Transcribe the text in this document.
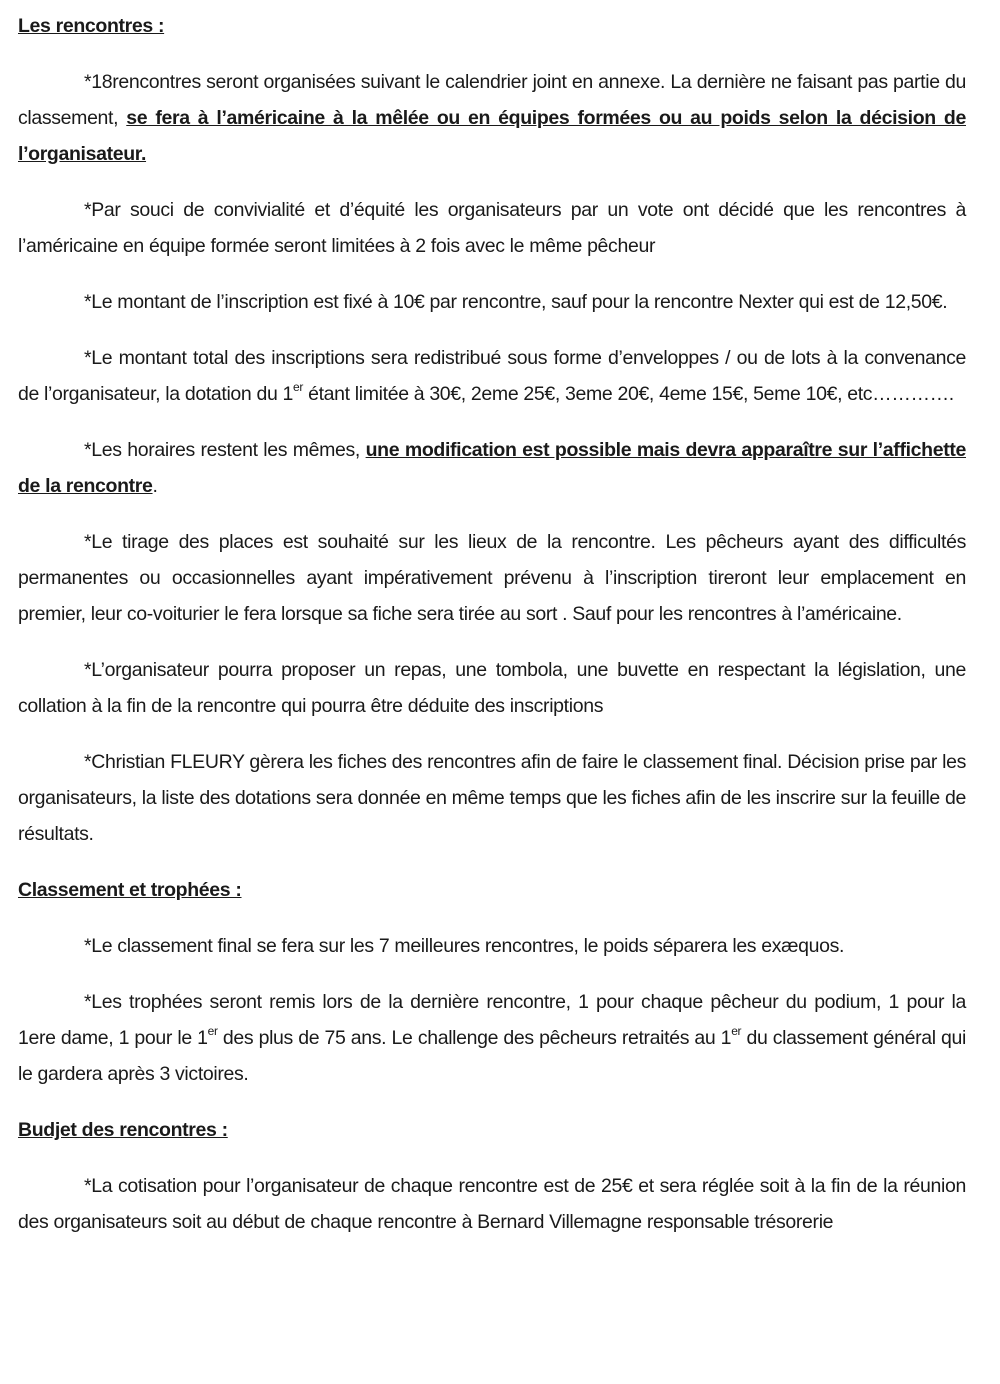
Les rencontres :

*18rencontres seront organisées suivant le calendrier joint en annexe. La dernière ne faisant pas partie du classement, se fera à l’américaine à la mêlée ou en équipes formées ou au poids selon la décision de l’organisateur.

*Par souci de convivialité et d’équité les organisateurs par un vote ont décidé que les rencontres à l’américaine en équipe formée seront limitées à 2 fois avec le même pêcheur

*Le montant de l’inscription est fixé à 10€ par rencontre, sauf pour la rencontre Nexter qui est de 12,50€.

*Le montant total des inscriptions sera redistribué sous forme d’enveloppes / ou de lots à la convenance de l’organisateur, la dotation du 1er étant limitée à 30€, 2eme 25€, 3eme 20€, 4eme 15€, 5eme 10€, etc………….

*Les horaires restent les mêmes, une modification est possible mais devra apparaître sur l’affichette de la rencontre.

*Le tirage des places est souhaité sur les lieux de la rencontre. Les pêcheurs ayant des difficultés permanentes ou occasionnelles ayant impérativement prévenu à l’inscription tireront leur emplacement en premier, leur co-voiturier le fera lorsque sa fiche sera tirée au sort . Sauf pour les rencontres à l’américaine.

*L’organisateur pourra proposer un repas, une tombola, une buvette en respectant la législation, une collation à la fin de la rencontre qui pourra être déduite des inscriptions

*Christian FLEURY gèrera les fiches des rencontres afin de faire le classement final. Décision prise par les organisateurs, la liste des dotations sera donnée en même temps que les fiches afin de les inscrire sur la feuille de résultats.

Classement et trophées :

*Le classement final se fera sur les 7 meilleures rencontres, le poids séparera les exæquos.

*Les trophées seront remis lors de la dernière rencontre, 1 pour chaque pêcheur du podium, 1 pour la 1ere dame, 1 pour le 1er des plus de 75 ans. Le challenge des pêcheurs retraités au 1er du classement général qui le gardera après 3 victoires.

Budjet des rencontres :

*La cotisation pour l’organisateur de chaque rencontre est de 25€ et sera réglée soit à la fin de la réunion des organisateurs soit au début de chaque rencontre à Bernard Villemagne responsable trésorerie
